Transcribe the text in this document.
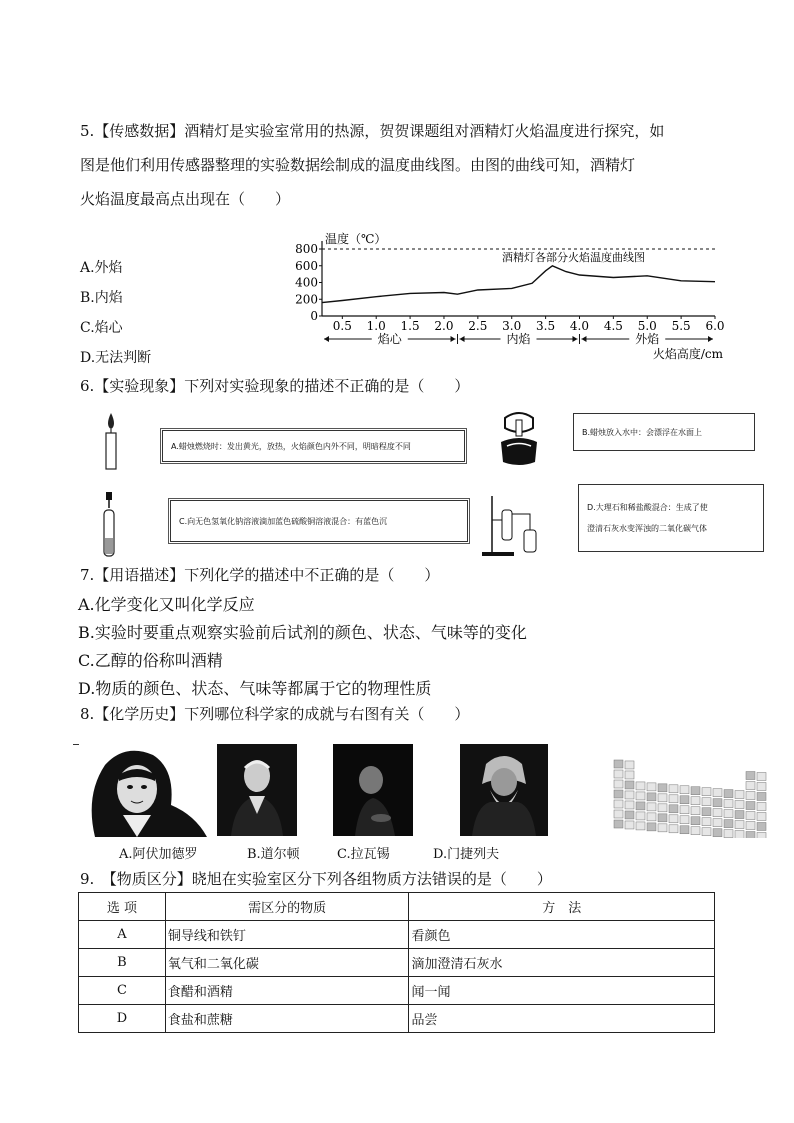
5.【传感数据】酒精灯是实验室常用的热源，贺贺课题组对酒精灯火焰温度进行探究，如
图是他们利用传感器整理的实验数据绘制成的温度曲线图。由图的曲线可知，酒精灯
火焰温度最高点出现在（　　）
A.外焰
B.内焰
C.焰心
D.无法判断
0
200
400
600
800
0.5 1.0 1.5 2.0 2.5 3.0 3.5 4.0 4.5 5.0 5.5 6.0
温度（℃）
酒精灯各部分火焰温度曲线图
焰心	内焰	外焰
火焰高度/cm
6.【实验现象】下列对实验现象的描述不正确的是（　　）
A.蜡烛燃烧时：发出黄光，放热，火焰颜色内外不同，明暗程度不同
B.蜡烛放入水中：会漂浮在水面上
C.向无色氢氧化钠溶液滴加蓝色硫酸铜溶液混合：有蓝色沉
D.大理石和稀盐酸混合：生成了使
澄清石灰水变浑浊的二氧化碳气体
7.【用语描述】下列化学的描述中不正确的是（　　）
A.化学变化又叫化学反应
B.实验时要重点观察实验前后试剂的颜色、状态、气味等的变化
C.乙醇的俗称叫酒精
D.物质的颜色、状态、气味等都属于它的物理性质
8.【化学历史】下列哪位科学家的成就与右图有关（　　）
A.阿伏加德罗	B.道尔顿	C.拉瓦锡	D.门捷列夫
9.　【物质区分】晓旭在实验室区分下列各组物质方法错误的是（　　）
选 项	需区分的物质	方　法
A	铜导线和铁钉	看颜色
B	氧气和二氧化碳	滴加澄清石灰水
C	食醋和酒精	闻一闻
D	食盐和蔗糖	品尝
